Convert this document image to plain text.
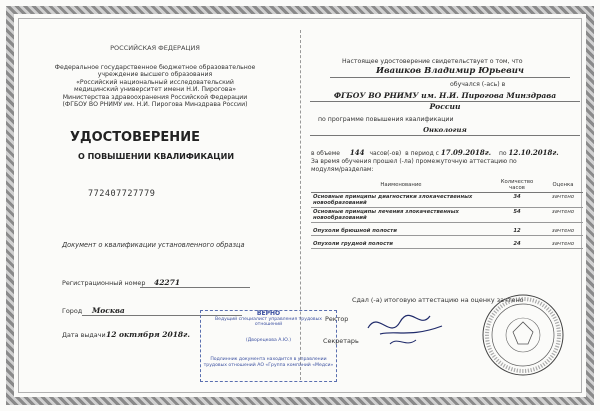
РОССИЙСКАЯ ФЕДЕРАЦИЯ
Федеральное государственное бюджетное образовательное
учреждение высшего образования
«Российский национальный исследовательский
медицинский университет имени Н.И. Пирогова»
Министерства здравоохранения Российской Федерации
(ФГБОУ ВО РНИМУ им. Н.И. Пирогова Минздрава России)
УДОСТОВЕРЕНИЕ
О ПОВЫШЕНИИ КВАЛИФИКАЦИИ
772407727779
Документ о квалификации установленного образца
Регистрационный номер 42271
Город Москва
Дата выдачи 12 октября 2018г.
ВЕРНО
Ведущий специалист управления трудовых отношений
(Дворецкова А.Ю.)
Подлинник документа находится в управлении
трудовых отношений АО «Группа компаний «Медси»
Настоящее удостоверение свидетельствует о том, что
Ивашков Владимир Юрьевич
обучался (-ась) в
ФГБОУ ВО РНИМУ им. Н.И. Пирогова Минздрава
России
по программе повышения квалификации
Онкология
в объеме 144 часов(-ов) в период с 17.09.2018г. по 12.10.2018г.
За время обучения прошел (-ла) промежуточную аттестацию по
модулям/разделам:
Наименование	Количество часов	Оценка
Основные принципы диагностики злокачественных новообразований	34	зачтено
Основные принципы лечения злокачественных новообразований	54	зачтено
Опухоли брюшной полости	12	зачтено
Опухоли грудной полости	24	зачтено
Сдал (-а) итоговую аттестацию на оценку зачтено
Ректор
Секретарь
